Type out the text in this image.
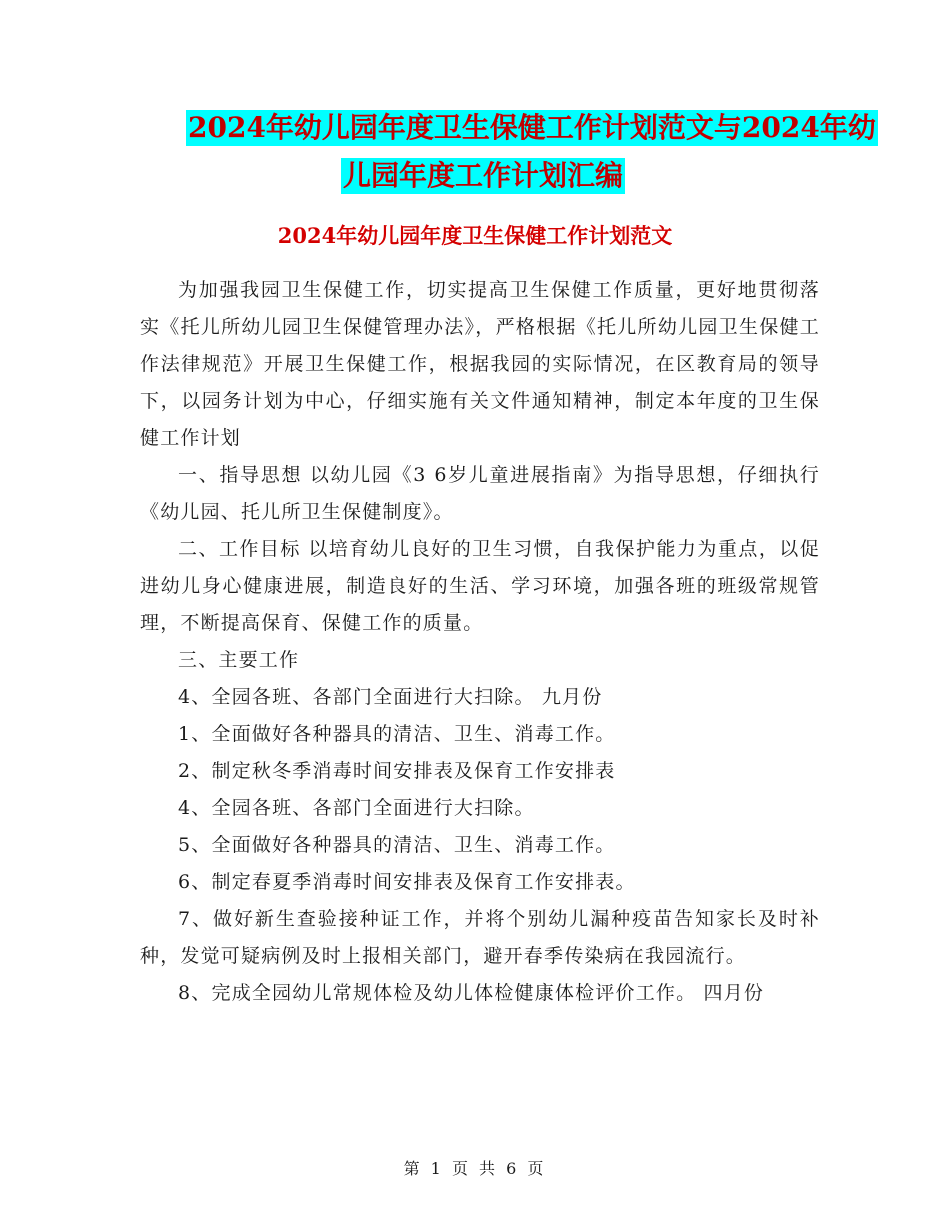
2024年幼儿园年度卫生保健工作计划范文与2024年幼
儿园年度工作计划汇编
2024年幼儿园年度卫生保健工作计划范文

为加强我园卫生保健工作，切实提高卫生保健工作质量，更好地贯彻落实《托儿所幼儿园卫生保健管理办法》，严格根据《托儿所幼儿园卫生保健工作法律规范》开展卫生保健工作，根据我园的实际情况，在区教育局的领导下，以园务计划为中心，仔细实施有关文件通知精神，制定本年度的卫生保健工作计划

一、指导思想 以幼儿园《3 6岁儿童进展指南》为指导思想，仔细执行《幼儿园、托儿所卫生保健制度》。

二、工作目标 以培育幼儿良好的卫生习惯，自我保护能力为重点，以促进幼儿身心健康进展，制造良好的生活、学习环境，加强各班的班级常规管理，不断提高保育、保健工作的质量。

三、主要工作

4、全园各班、各部门全面进行大扫除。 九月份

1、全面做好各种器具的清洁、卫生、消毒工作。

2、制定秋冬季消毒时间安排表及保育工作安排表

4、全园各班、各部门全面进行大扫除。

5、全面做好各种器具的清洁、卫生、消毒工作。

6、制定春夏季消毒时间安排表及保育工作安排表。

7、做好新生查验接种证工作，并将个别幼儿漏种疫苗告知家长及时补种，发觉可疑病例及时上报相关部门，避开春季传染病在我园流行。

8、完成全园幼儿常规体检及幼儿体检健康体检评价工作。 四月份

第 1 页 共 6 页
